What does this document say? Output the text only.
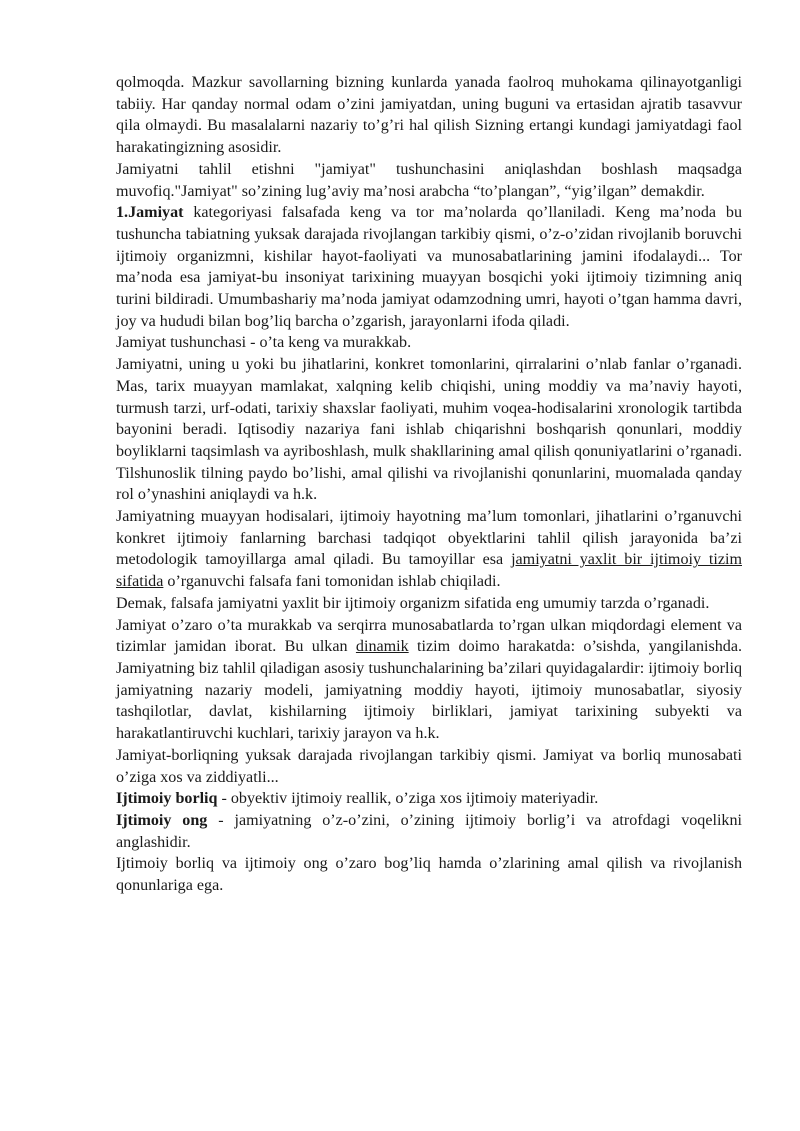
qolmoqda. Mazkur savollarning bizning kunlarda yanada faolroq muhokama qilinayotganligi tabiiy. Har qanday normal odam o’zini jamiyatdan, uning buguni va ertasidan ajratib tasavvur qila olmaydi. Bu masalalarni nazariy to’g’ri hal qilish Sizning ertangi kundagi jamiyatdagi faol harakatingizning asosidir.

Jamiyatni tahlil etishni "jamiyat" tushunchasini aniqlashdan boshlash maqsadga muvofiq."Jamiyat" so’zining lug’aviy ma’nosi arabcha “to’plangan”, “yig’ilgan” demakdir.

1.Jamiyat kategoriyasi falsafada keng va tor ma’nolarda qo’llaniladi. Keng ma’noda bu tushuncha tabiatning yuksak darajada rivojlangan tarkibiy qismi, o’z-o’zidan rivojlanib boruvchi ijtimoiy organizmni, kishilar hayot-faoliyati va munosabatlarining jamini ifodalaydi... Tor ma’noda esa jamiyat-bu insoniyat tarixining muayyan bosqichi yoki ijtimoiy tizimning aniq turini bildiradi. Umumbashariy ma’noda jamiyat odamzodning umri, hayoti o’tgan hamma davri, joy va hududi bilan bog’liq barcha o’zgarish, jarayonlarni ifoda qiladi.

Jamiyat tushunchasi - o’ta keng va murakkab.

Jamiyatni, uning u yoki bu jihatlarini, konkret tomonlarini, qirralarini o’nlab fanlar o’rganadi. Mas, tarix muayyan mamlakat, xalqning kelib chiqishi, uning moddiy va ma’naviy hayoti, turmush tarzi, urf-odati, tarixiy shaxslar faoliyati, muhim voqea-hodisalarini xronologik tartibda bayonini beradi. Iqtisodiy nazariya fani ishlab chiqarishni boshqarish qonunlari, moddiy boyliklarni taqsimlash va ayriboshlash, mulk shakllarining amal qilish qonuniyatlarini o’rganadi. Tilshunoslik tilning paydo bo’lishi, amal qilishi va rivojlanishi qonunlarini, muomalada qanday rol o’ynashini aniqlaydi va h.k.

Jamiyatning muayyan hodisalari, ijtimoiy hayotning ma’lum tomonlari, jihatlarini o’rganuvchi konkret ijtimoiy fanlarning barchasi tadqiqot obyektlarini tahlil qilish jarayonida ba’zi metodologik tamoyillarga amal qiladi. Bu tamoyillar esa jamiyatni yaxlit bir ijtimoiy tizim sifatida o’rganuvchi falsafa fani tomonidan ishlab chiqiladi.

Demak, falsafa jamiyatni yaxlit bir ijtimoiy organizm sifatida eng umumiy tarzda o’rganadi.

Jamiyat o’zaro o’ta murakkab va serqirra munosabatlarda to’rgan ulkan miqdordagi element va tizimlar jamidan iborat. Bu ulkan dinamik tizim doimo harakatda: o’sishda, yangilanishda. Jamiyatning biz tahlil qiladigan asosiy tushunchalarining ba’zilari quyidagalardir: ijtimoiy borliq jamiyatning nazariy modeli, jamiyatning moddiy hayoti, ijtimoiy munosabatlar, siyosiy tashqilotlar, davlat, kishilarning ijtimoiy birliklari, jamiyat tarixining subyekti va harakatlantiruvchi kuchlari, tarixiy jarayon va h.k.

Jamiyat-borliqning yuksak darajada rivojlangan tarkibiy qismi. Jamiyat va borliq munosabati o’ziga xos va ziddiyatli...

Ijtimoiy borliq - obyektiv ijtimoiy reallik, o’ziga xos ijtimoiy materiyadir.

Ijtimoiy ong - jamiyatning o’z-o’zini, o’zining ijtimoiy borlig’i va atrofdagi voqelikni anglashidir.

Ijtimoiy borliq va ijtimoiy ong o’zaro bog’liq hamda o’zlarining amal qilish va rivojlanish qonunlariga ega.
